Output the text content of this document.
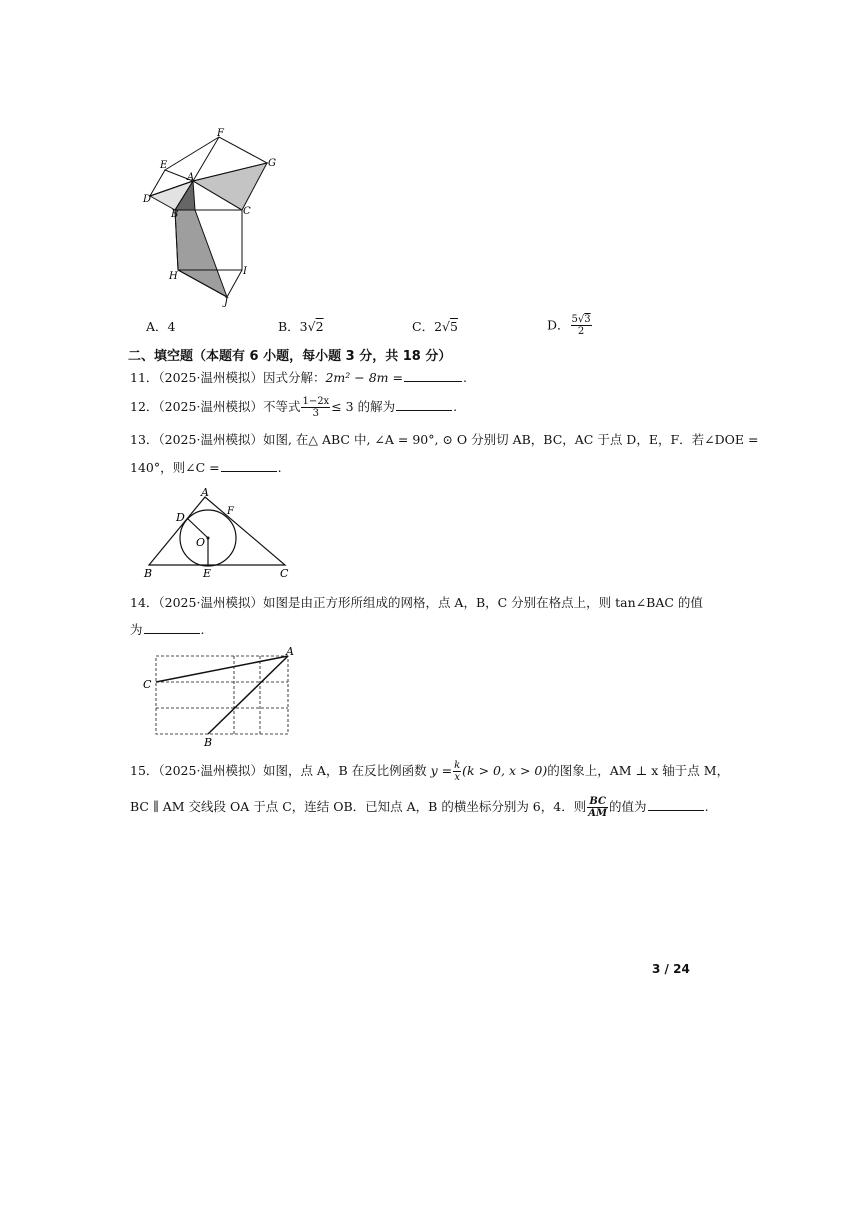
F
E	G
A
D
B	C
H	I
J
A．4	B．3√2	C．2√5	D． $\frac{5√3}{2}$
二、填空题（本题有 6 小题，每小题 3 分，共 18 分）
11．（2025·温州模拟）因式分解：2m² − 8m =	.
12．（2025·温州模拟）不等式 $\frac{1-2x}{3} \le 3$ 的解为	.
13．（2025·温州模拟）如图, 在△ ABC 中, ∠A = 90°, ⊙ O 分别切 AB，BC，AC 于点 D，E，F．若∠DOE =
140°，则∠C =	.
A
D	F
O
B	E	C
14．（2025·温州模拟）如图是由正方形所组成的网格，点 A，B，C 分别在格点上，则 tan∠BAC 的值
为	.
A
C
B
15．（2025·温州模拟）如图，点 A，B 在反比例函数 $y = \frac{k}{x} (k > 0$, x > 0)的图象上，AM ⊥ x 轴于点 M，
BC ∥ AM 交线段 OA 于点 C，连结 OB．已知点 A，B 的横坐标分别为 6，4．则 $\frac{BC}{AM}$ 的值为	.
3 / 24
